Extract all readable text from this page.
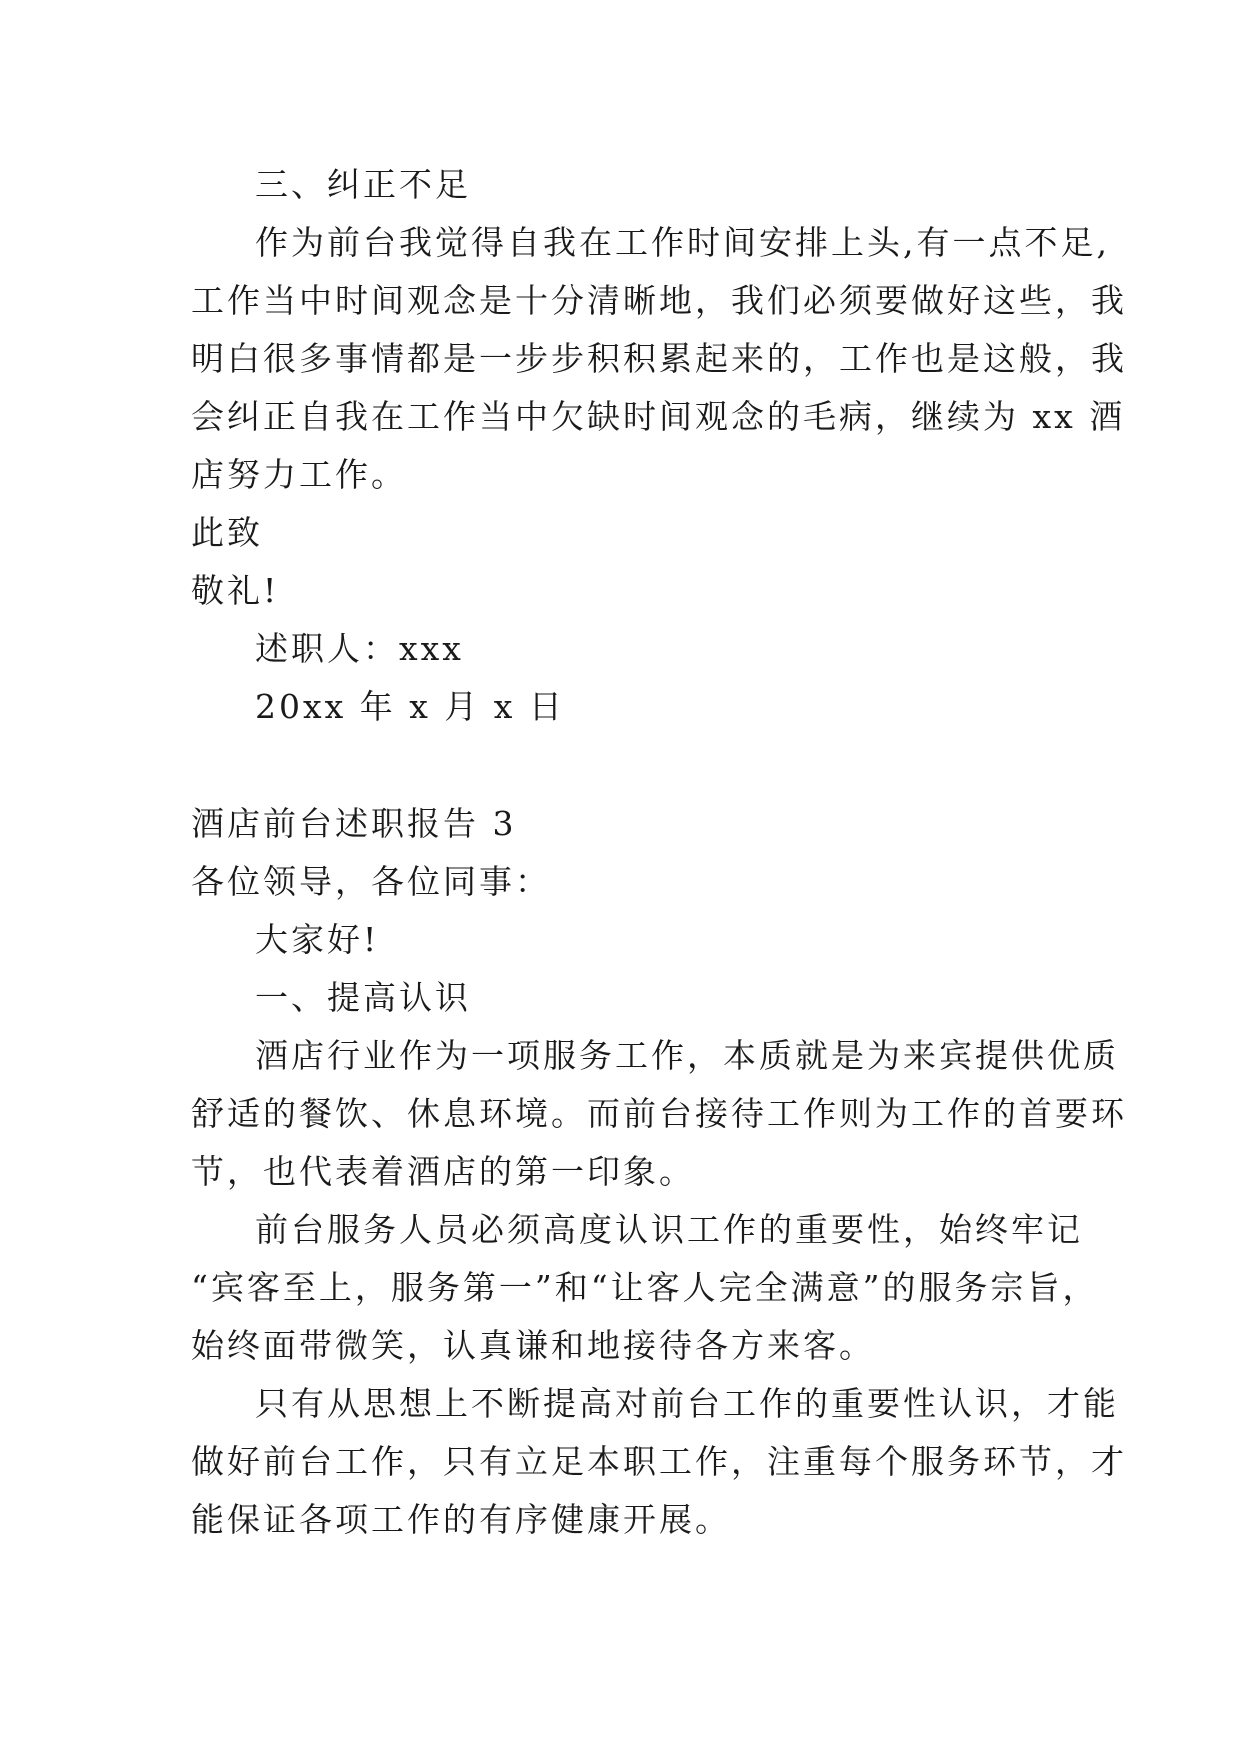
三、纠正不足
作为前台我觉得自我在工作时间安排上头,有一点不足,
工作当中时间观念是十分清晰地，我们必须要做好这些，我
明白很多事情都是一步步积积累起来的，工作也是这般，我
会纠正自我在工作当中欠缺时间观念的毛病，继续为 xx 酒
店努力工作。
此致
敬礼!
述职人：xxx
20xx 年 x 月 x 日
酒店前台述职报告 3
各位领导，各位同事：
大家好!
一、提高认识
酒店行业作为一项服务工作，本质就是为来宾提供优质
舒适的餐饮、休息环境。而前台接待工作则为工作的首要环
节，也代表着酒店的第一印象。
前台服务人员必须高度认识工作的重要性，始终牢记
“宾客至上，服务第一”和“让客人完全满意”的服务宗旨，
始终面带微笑，认真谦和地接待各方来客。
只有从思想上不断提高对前台工作的重要性认识，才能
做好前台工作，只有立足本职工作，注重每个服务环节，才
能保证各项工作的有序健康开展。
